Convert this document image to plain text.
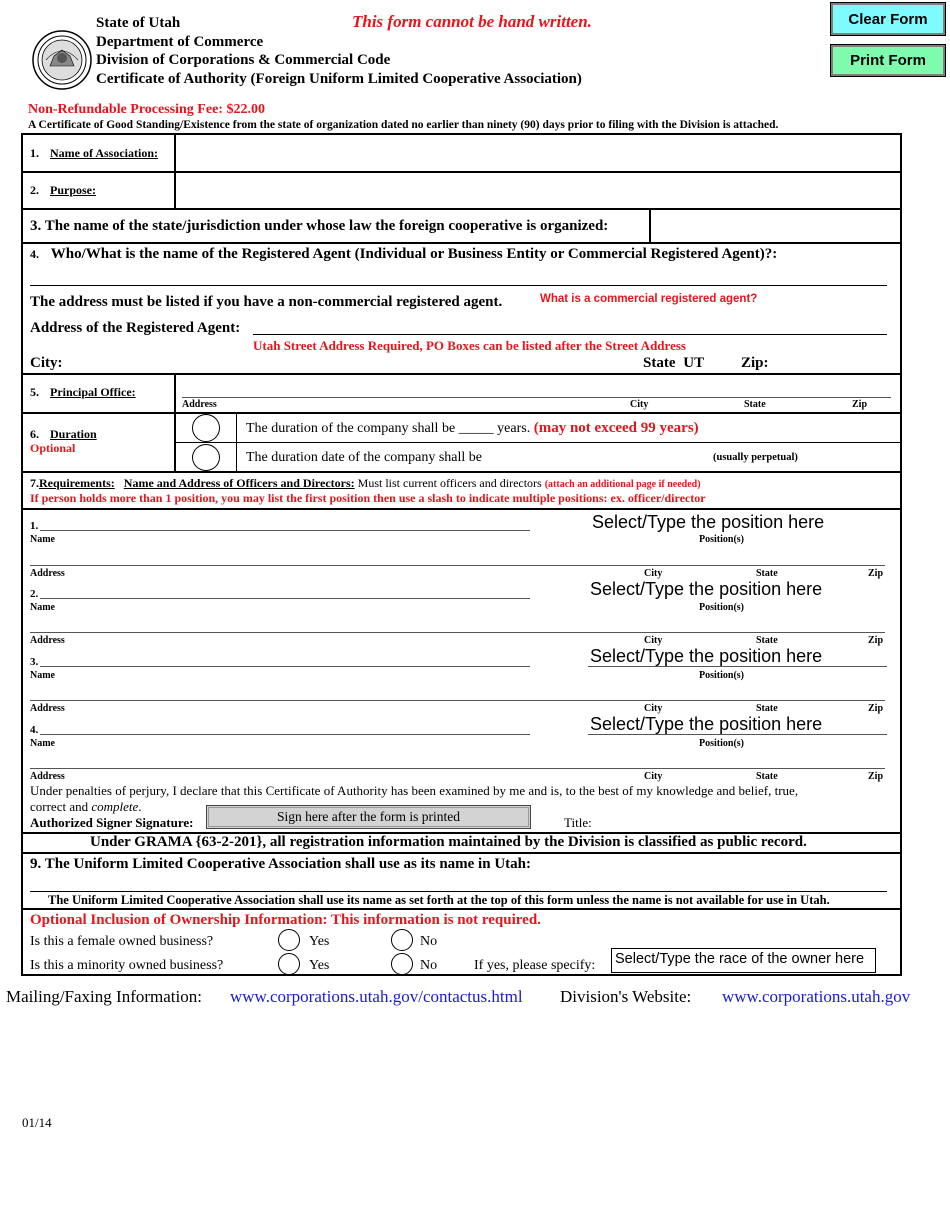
State of Utah
Department of Commerce
Division of Corporations & Commercial Code
Certificate of Authority (Foreign Uniform Limited Cooperative Association)
This form cannot be hand written.	Clear Form
Print Form
Non-Refundable Processing Fee: $22.00
A Certificate of Good Standing/Existence from the state of organization dated no earlier than ninety (90) days prior to filing with the Division is attached.
1. Name of Association:
2. Purpose:
3. The name of the state/jurisdiction under whose law the foreign cooperative is organized:
4. Who/What is the name of the Registered Agent (Individual or Business Entity or Commercial Registered Agent)?:
The address must be listed if you have a non-commercial registered agent.	What is a commercial registered agent?
Address of the Registered Agent:
Utah Street Address Required, PO Boxes can be listed after the Street Address
City:	State UT Zip:
5. Principal Office:
Address	City	State	Zip
6. Duration
Optional
The duration of the company shall be _____ years. (may not exceed 99 years)
The duration date of the company shall be	(usually perpetual)
7.Requirements: Name and Address of Officers and Directors: Must list current officers and directors (attach an additional page if needed)
If person holds more than 1 position, you may list the first position then use a slash to indicate multiple positions: ex. officer/director
1.
Name
Select/Type the position here
Position(s)
Address	City	State	Zip
2.
Name
Select/Type the position here
Position(s)
Address	City	State	Zip
3.
Name
Select/Type the position here
Position(s)
Address	City	State	Zip
4.
Name
Select/Type the position here
Position(s)
Address	City	State	Zip
Under penalties of perjury, I declare that this Certificate of Authority has been examined by me and is, to the best of my knowledge and belief, true,
correct and complete.
Authorized Signer Signature:	Sign here after the form is printed	Title:
Under GRAMA {63-2-201}, all registration information maintained by the Division is classified as public record.
9. The Uniform Limited Cooperative Association shall use as its name in Utah:
The Uniform Limited Cooperative Association shall use its name as set forth at the top of this form unless the name is not available for use in Utah.
Optional Inclusion of Ownership Information: This information is not required.
Is this a female owned business?	Yes	No
Is this a minority owned business?	Yes	No	If yes, please specify: Select/Type the race of the owner here
Mailing/Faxing Information: www.corporations.utah.gov/contactus.html Division's Website: www.corporations.utah.gov
01/14
